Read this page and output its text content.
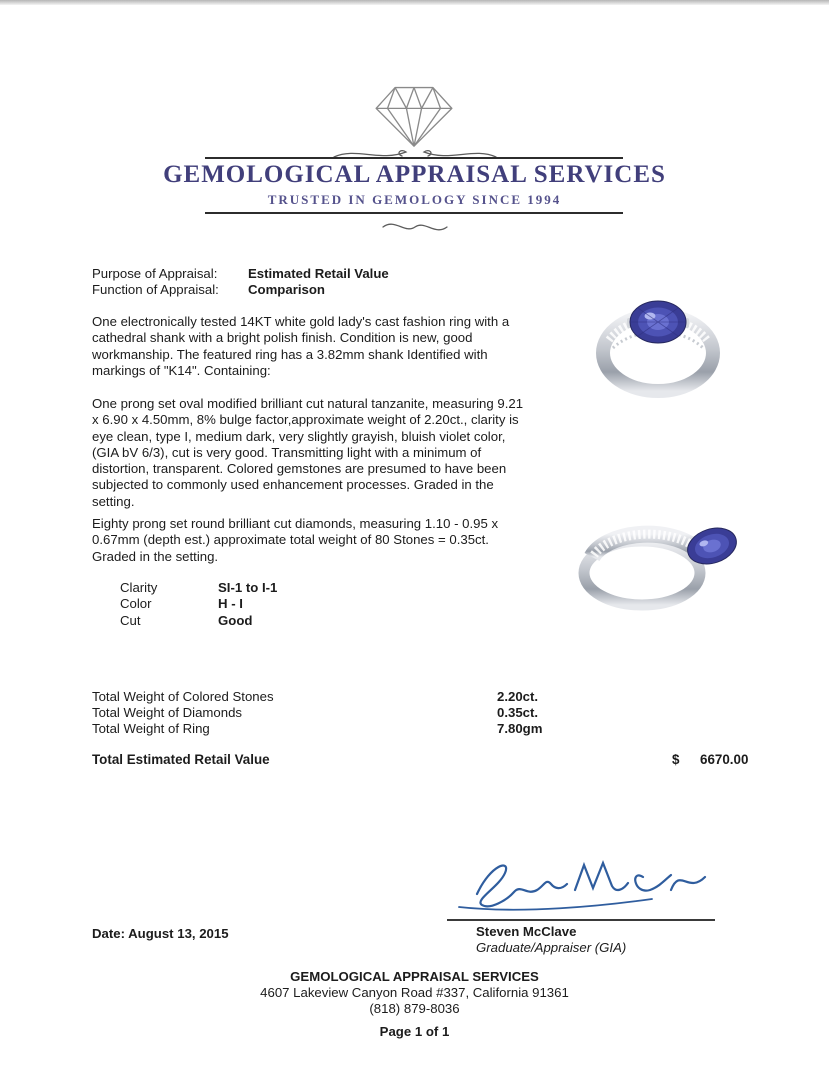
GEMOLOGICAL APPRAISAL SERVICES
TRUSTED IN GEMOLOGY SINCE 1994
Purpose of Appraisal: Estimated Retail Value
Function of Appraisal: Comparison
One electronically tested 14KT white gold lady's cast fashion ring with a cathedral shank with a bright polish finish. Condition is new, good workmanship. The featured ring has a 3.82mm shank Identified with markings of "K14". Containing:
One prong set oval modified brilliant cut natural tanzanite, measuring 9.21 x 6.90 x 4.50mm, 8% bulge factor,approximate weight of 2.20ct., clarity is eye clean, type I, medium dark, very slightly grayish, bluish violet color, (GIA bV 6/3), cut is very good. Transmitting light with a minimum of distortion, transparent. Colored gemstones are presumed to have been subjected to commonly used enhancement processes. Graded in the setting.
Eighty prong set round brilliant cut diamonds, measuring 1.10 - 0.95 x 0.67mm (depth est.) approximate total weight of 80 Stones = 0.35ct. Graded in the setting.
Clarity	SI-1 to I-1
Color	H - I
Cut	Good
Total Weight of Colored Stones	2.20ct.
Total Weight of Diamonds	0.35ct.
Total Weight of Ring	7.80gm
Total Estimated Retail Value	$ 6670.00
Steven McClave
Graduate/Appraiser (GIA)
Date: August 13, 2015
GEMOLOGICAL APPRAISAL SERVICES
4607 Lakeview Canyon Road #337, California 91361
(818) 879-8036
Page 1 of 1
